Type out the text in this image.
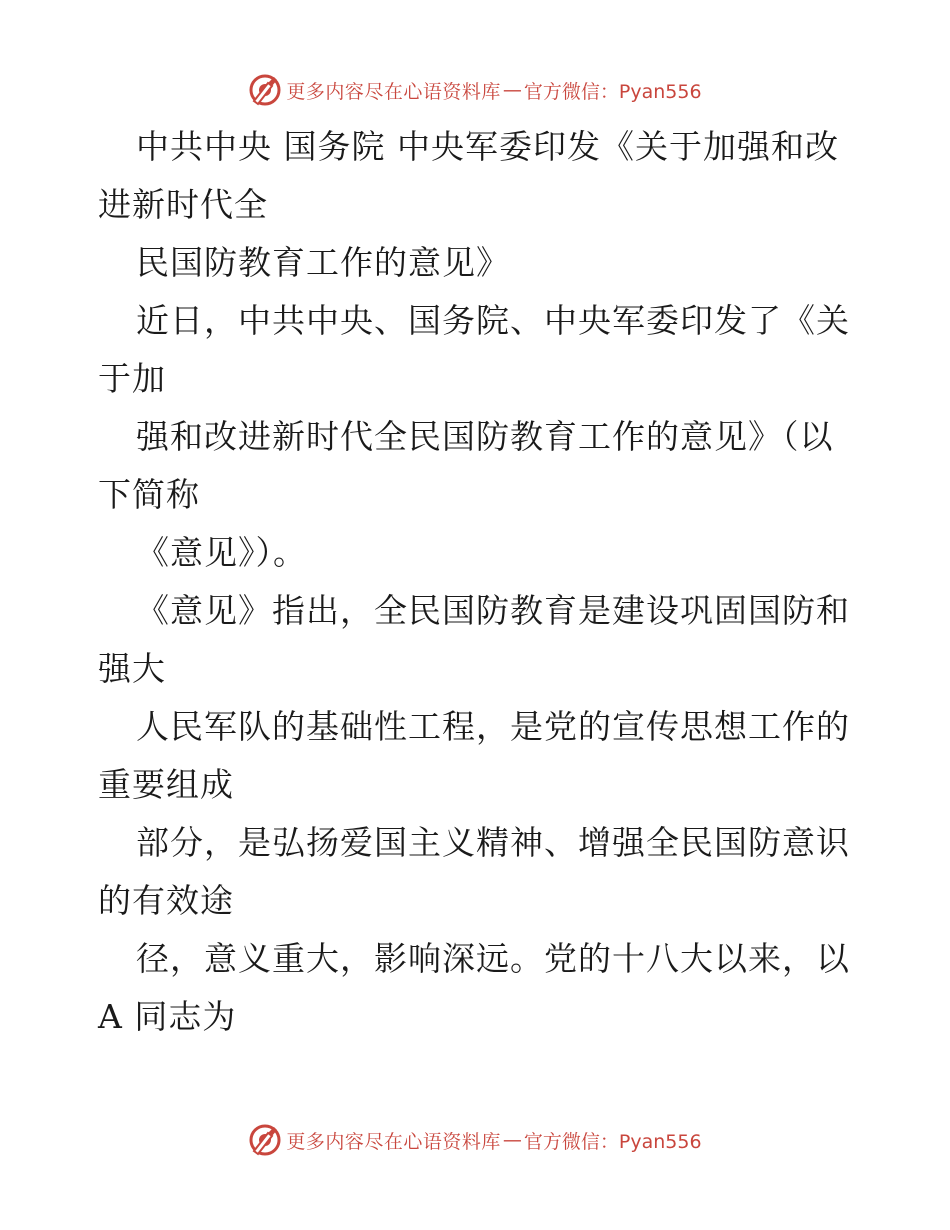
更多内容尽在心语资料库 — 官方微信：Pyan556
中共中央 国务院 中央军委印发《关于加强和改
进新时代全
民国防教育工作的意见》
近日，中共中央、国务院、中央军委印发了《关
于加
强和改进新时代全民国防教育工作的意见》（以
下简称
《意见》）。
《意见》指出，全民国防教育是建设巩固国防和
强大
人民军队的基础性工程，是党的宣传思想工作的
重要组成
部分，是弘扬爱国主义精神、增强全民国防意识
的有效途
径，意义重大，影响深远。党的十八大以来，以
A 同志为
更多内容尽在心语资料库 — 官方微信：Pyan556
